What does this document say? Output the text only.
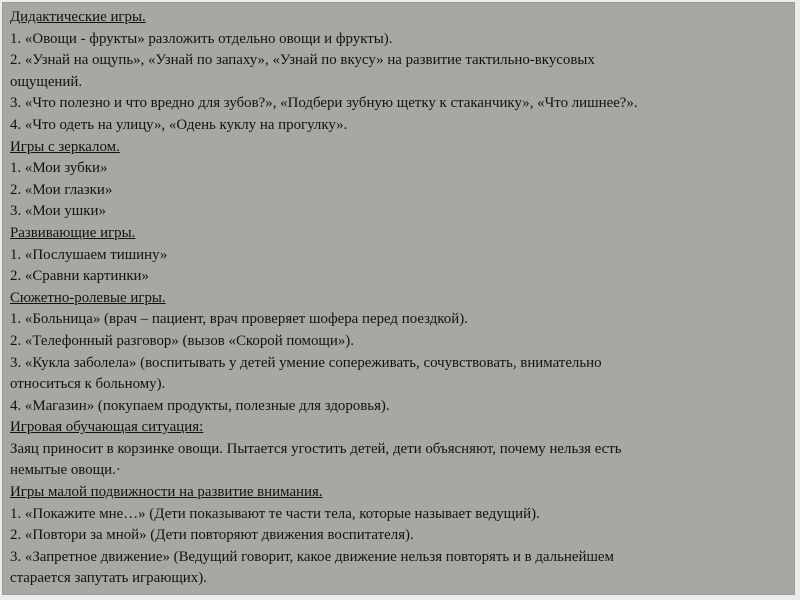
Дидактические игры.
1. «Овощи - фрукты» разложить отдельно овощи и фрукты).
2. «Узнай на ощупь», «Узнай по запаху», «Узнай по вкусу» на развитие тактильно-вкусовых
ощущений.
3. «Что полезно и что вредно для зубов?», «Подбери зубную щетку к стаканчику», «Что лишнее?».
4. «Что одеть на улицу», «Одень куклу на прогулку».
Игры с зеркалом.
1. «Мои зубки»
2. «Мои глазки»
3. «Мои ушки»
Развивающие игры.
1. «Послушаем тишину»
2. «Сравни картинки»
Сюжетно-ролевые игры.
1. «Больница» (врач – пациент, врач проверяет шофера перед поездкой).
2. «Телефонный разговор» (вызов «Скорой помощи»).
3. «Кукла заболела» (воспитывать у детей умение сопереживать, сочувствовать, внимательно
относиться к больному).
4. «Магазин» (покупаем продукты, полезные для здоровья).
Игровая обучающая ситуация:
Заяц приносит в корзинке овощи. Пытается угостить детей, дети объясняют, почему нельзя есть
немытые овощи.·
Игры малой подвижности на развитие внимания.
1. «Покажите мне…» (Дети показывают те части тела, которые называет ведущий).
2. «Повтори за мной» (Дети повторяют движения воспитателя).
3. «Запретное движение» (Ведущий говорит, какое движение нельзя повторять и в дальнейшем
старается запутать играющих).
